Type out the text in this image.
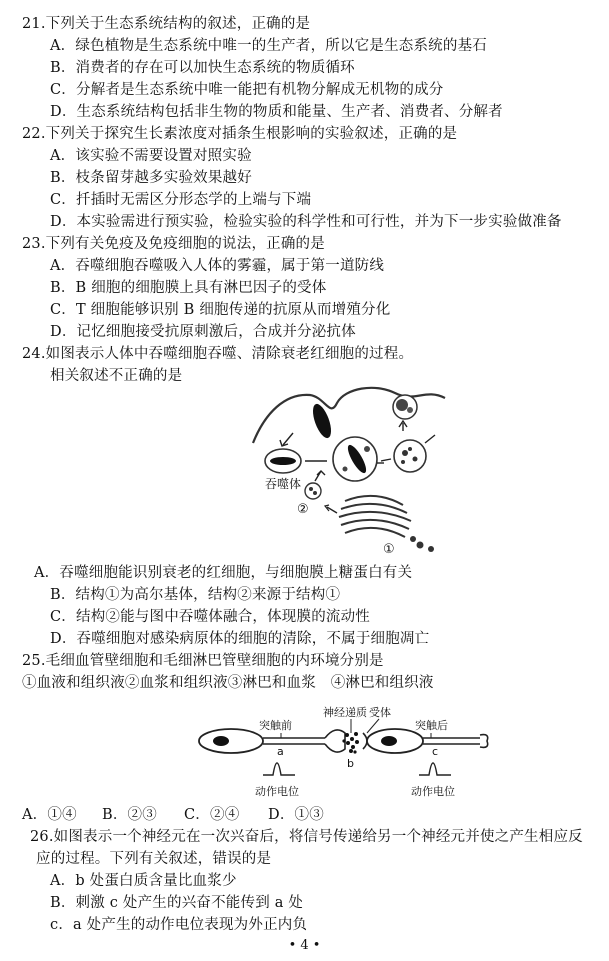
21.下列关于生态系统结构的叙述，正确的是
A．绿色植物是生态系统中唯一的生产者，所以它是生态系统的基石
B．消费者的存在可以加快生态系统的物质循环
C．分解者是生态系统中唯一能把有机物分解成无机物的成分
D．生态系统结构包括非生物的物质和能量、生产者、消费者、分解者
22.下列关于探究生长素浓度对插条生根影响的实验叙述，正确的是
A．该实验不需要设置对照实验
B．枝条留芽越多实验效果越好
C．扦插时无需区分形态学的上端与下端
D．本实验需进行预实验，检验实验的科学性和可行性，并为下一步实验做准备
23.下列有关免疫及免疫细胞的说法，正确的是
A．吞噬细胞吞噬吸入人体的雾霾，属于第一道防线
B．B 细胞的细胞膜上具有淋巴因子的受体
C．T 细胞能够识别 B 细胞传递的抗原从而增殖分化
D．记忆细胞接受抗原刺激后，合成并分泌抗体
24.如图表示人体中吞噬细胞吞噬、清除衰老红细胞的过程。
相关叙述不正确的是
吞噬体
②
①
A．吞噬细胞能识别衰老的红细胞，与细胞膜上糖蛋白有关
B．结构①为高尔基体，结构②来源于结构①
C．结构②能与图中吞噬体融合，体现膜的流动性
D．吞噬细胞对感染病原体的细胞的清除，不属于细胞凋亡
25.毛细血管壁细胞和毛细淋巴管壁细胞的内环境分别是
①血液和组织液②血浆和组织液③淋巴和血浆　④淋巴和组织液
突触前
神经递质 受体
突触后
a
b
c
动作电位	动作电位
A．①④ B．②③ C．②④ D．①③
26.如图表示一个神经元在一次兴奋后，将信号传递给另一个神经元并使之产生相应反
应的过程。下列有关叙述，错误的是
A．b 处蛋白质含量比血浆少
B．刺激 c 处产生的兴奋不能传到 a 处
c．a 处产生的动作电位表现为外正内负
• 4 •
